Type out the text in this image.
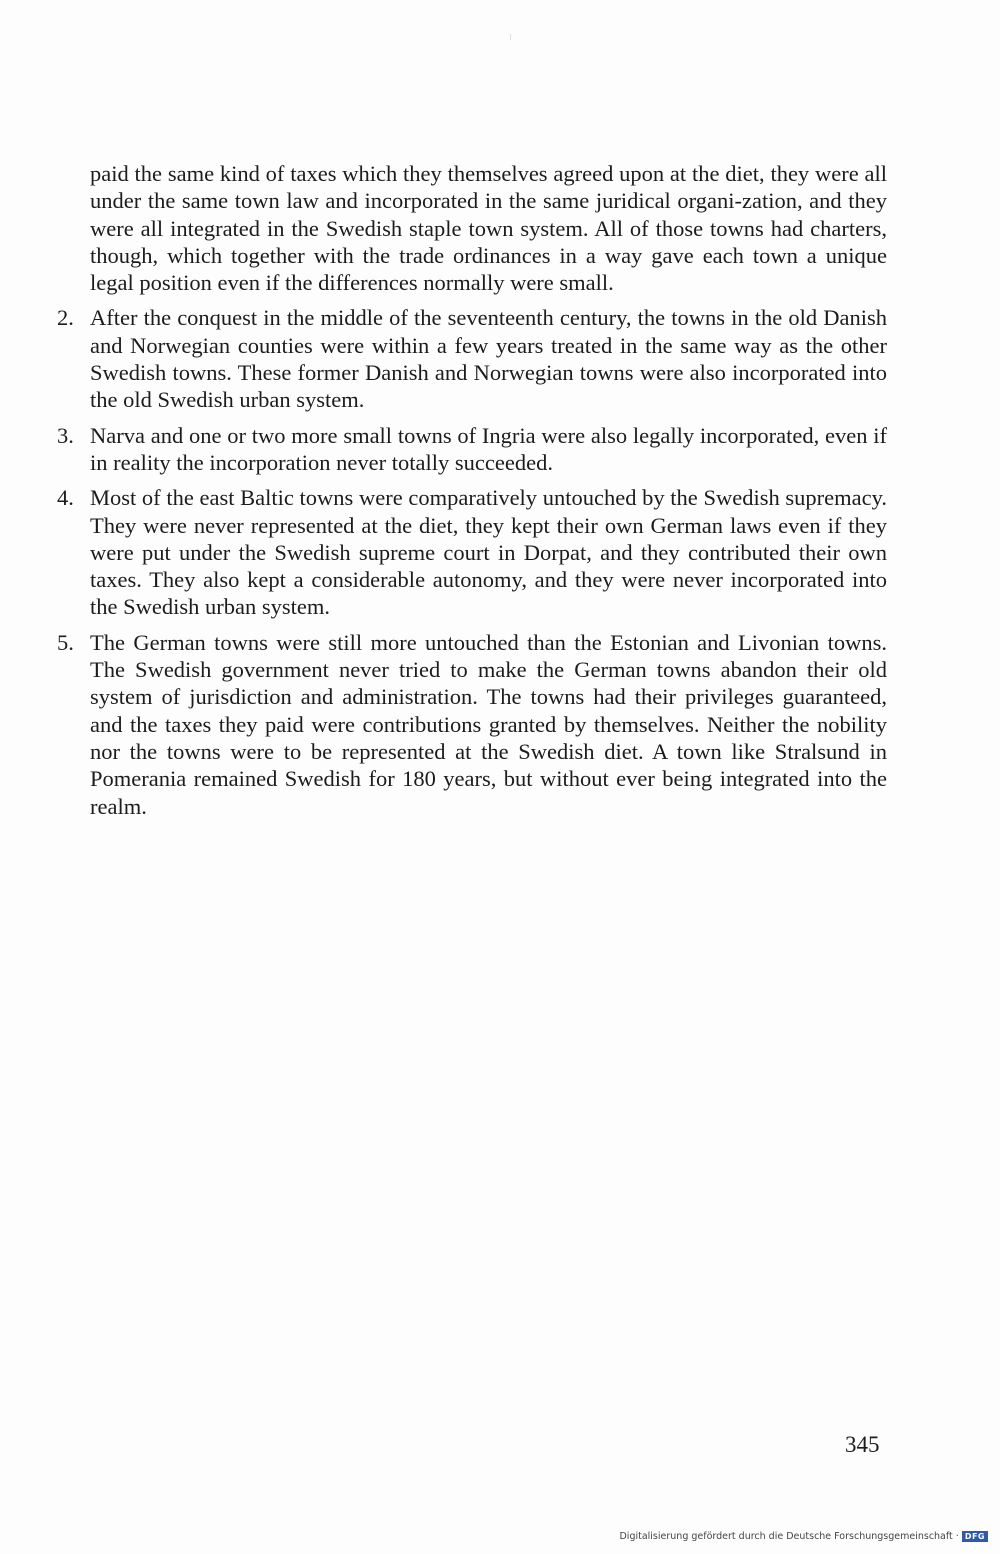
paid the same kind of taxes which they themselves agreed upon at the diet, they were all under the same town law and incorporated in the same juridical organi-zation, and they were all integrated in the Swedish staple town system. All of those towns had charters, though, which together with the trade ordinances in a way gave each town a unique legal position even if the differences normally were small.

2. After the conquest in the middle of the seventeenth century, the towns in the old Danish and Norwegian counties were within a few years treated in the same way as the other Swedish towns. These former Danish and Norwegian towns were also incorporated into the old Swedish urban system.
3. Narva and one or two more small towns of Ingria were also legally incorporated, even if in reality the incorporation never totally succeeded.
4. Most of the east Baltic towns were comparatively untouched by the Swedish supremacy. They were never represented at the diet, they kept their own German laws even if they were put under the Swedish supreme court in Dorpat, and they contributed their own taxes. They also kept a considerable autonomy, and they were never incorporated into the Swedish urban system.
5. The German towns were still more untouched than the Estonian and Livonian towns. The Swedish government never tried to make the German towns abandon their old system of jurisdiction and administration. The towns had their privileges guaranteed, and the taxes they paid were contributions granted by themselves. Neither the nobility nor the towns were to be represented at the Swedish diet. A town like Stralsund in Pomerania remained Swedish for 180 years, but without ever being integrated into the realm.
345
Digitalisierung gefördert durch die Deutsche Forschungsgemeinschaft · DFG
